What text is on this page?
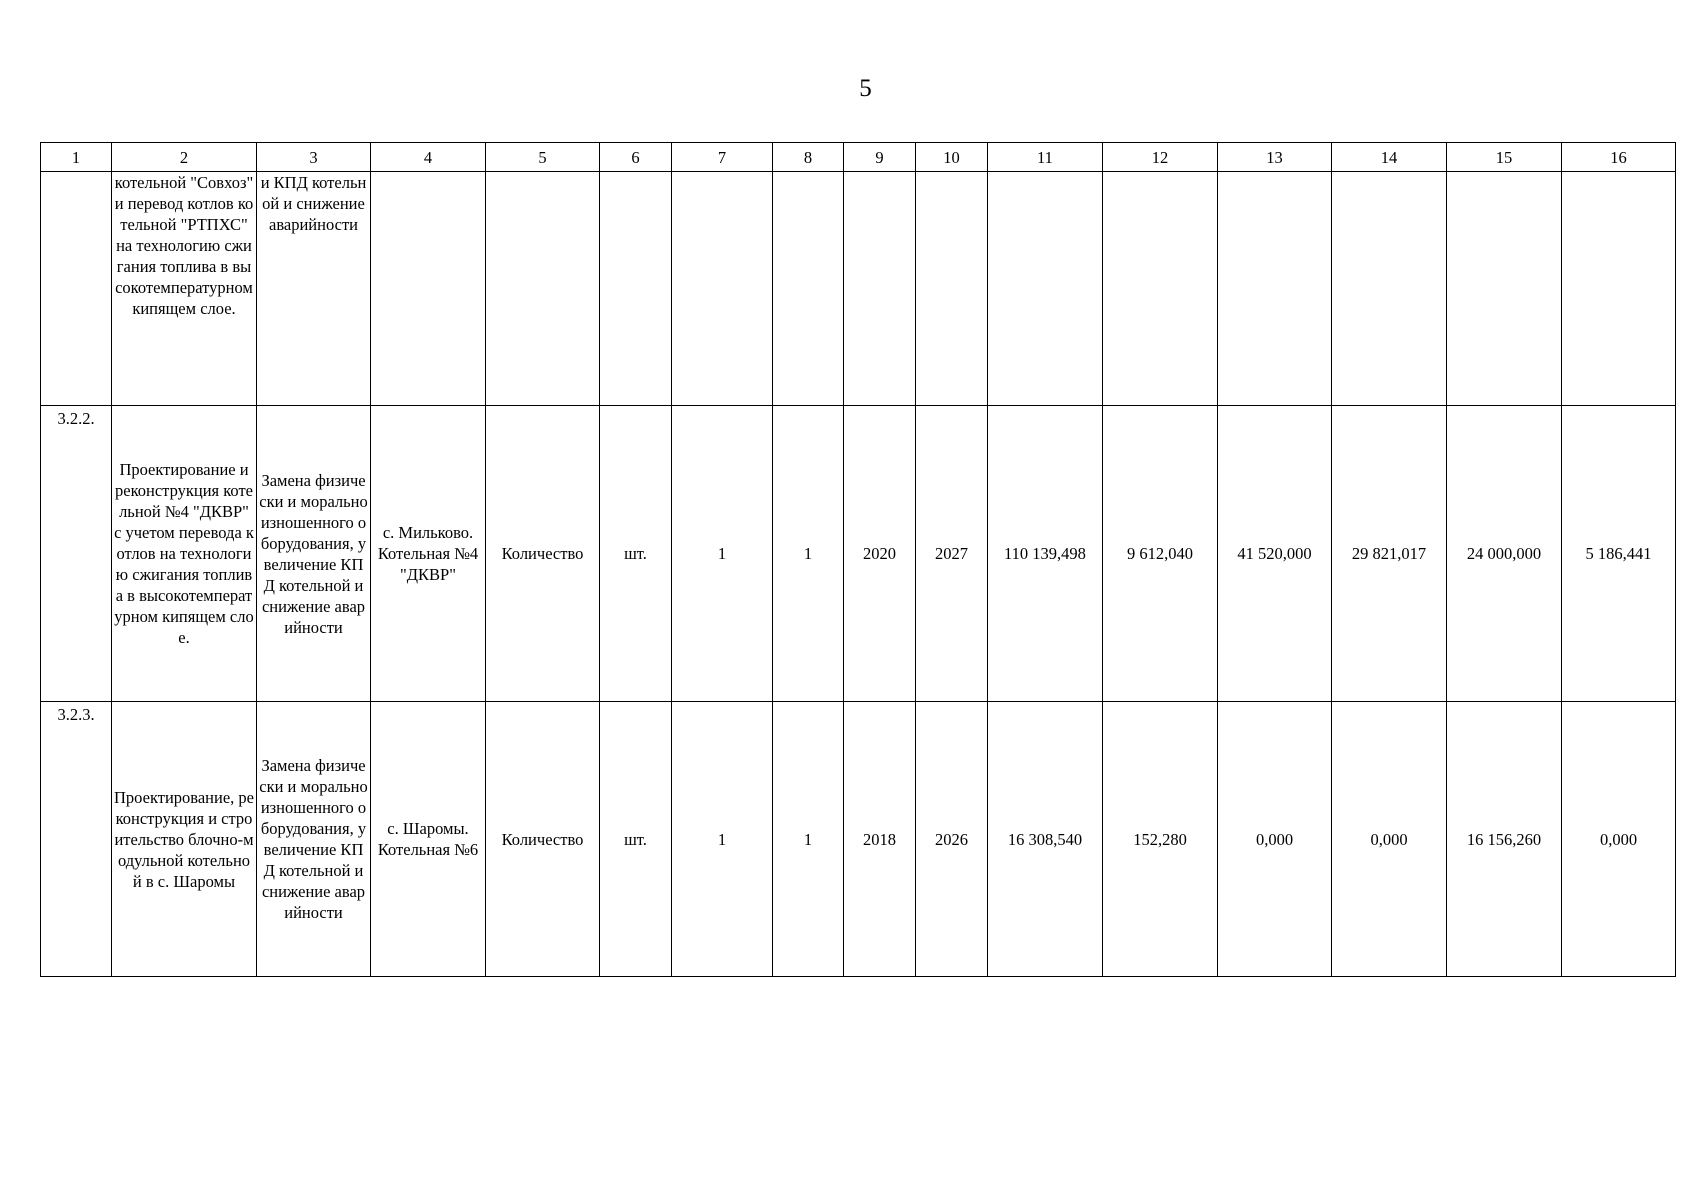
5
1	2	3	4	5	6	7	8	9	10	11	12	13	14	15	16
	котельной "Совхоз" и перевод котлов котельной "РТПХС" на технологию сжигания топлива в высокотемпературном кипящем слое.	и КПД котельной и снижение аварийности													
3.2.2.	Проектирование и реконструкция котельной №4 "ДКВР" с учетом перевода котлов на технологию сжигания топлива в высокотемпературном кипящем слое.	Замена физически и морально изношенного оборудования, увеличение КПД котельной и снижение аварийности	с. Мильково. Котельная №4 "ДКВР"	Количество	шт.	1	1	2020	2027	110 139,498	9 612,040	41 520,000	29 821,017	24 000,000	5 186,441
3.2.3.	Проектирование, реконструкция и строительство блочно-модульной котельной в с. Шаромы	Замена физически и морально изношенного оборудования, увеличение КПД котельной и снижение аварийности	с. Шаромы. Котельная №6	Количество	шт.	1	1	2018	2026	16 308,540	152,280	0,000	0,000	16 156,260	0,000
